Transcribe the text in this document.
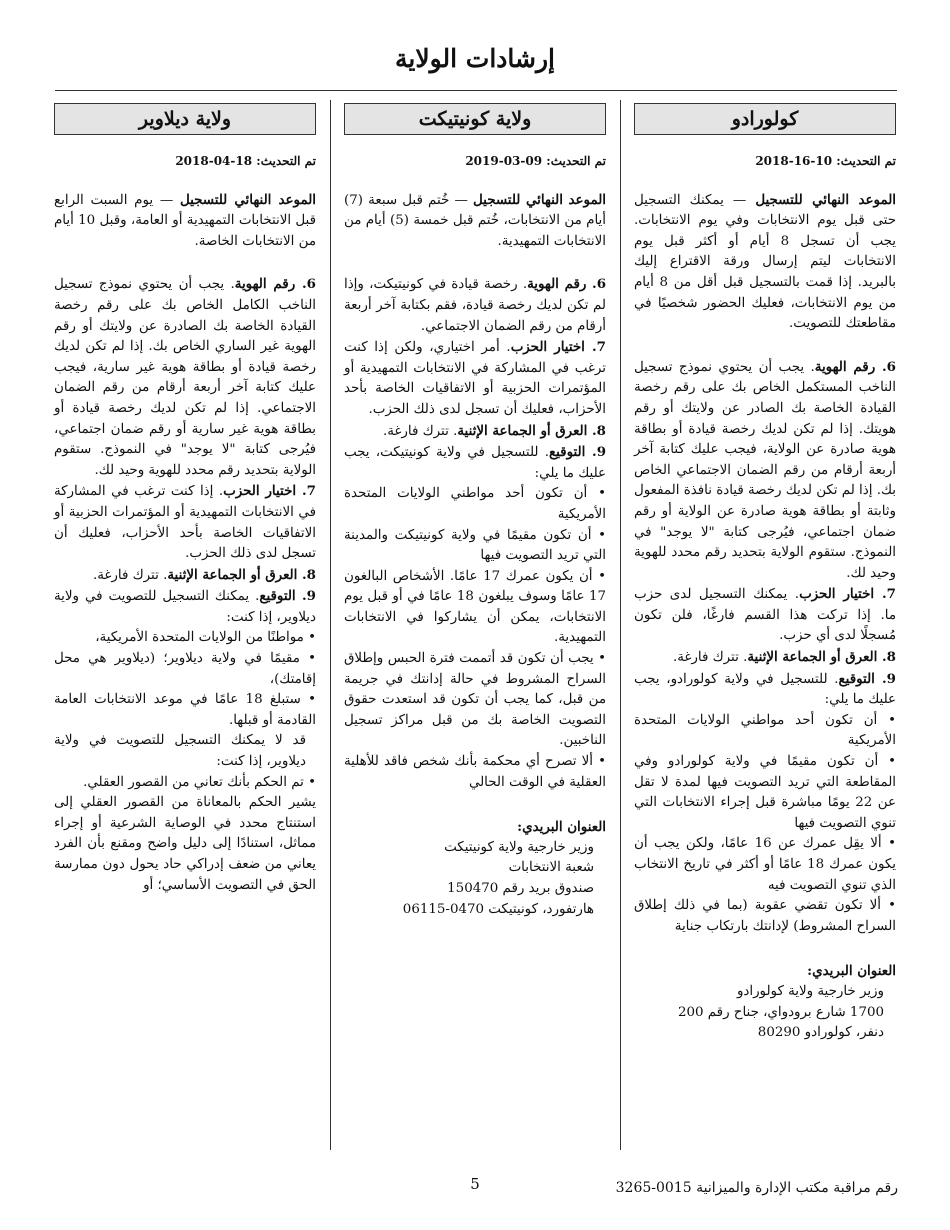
إرشادات الولاية
كولورادو
تم التحديث: 2018-16-10

الموعد النهائي للتسجيل — يمكنك التسجيل حتى قبل يوم الانتخابات وفي يوم الانتخابات. يجب أن تسجل 8 أيام أو أكثر قبل يوم الانتخابات ليتم إرسال ورقة الاقتراع إليك بالبريد. إذا قمت بالتسجيل قبل أقل من 8 أيام من يوم الانتخابات، فعليك الحضور شخصيًا في مقاطعتك للتصويت.

6. رقم الهوية. يجب أن يحتوي نموذج تسجيل الناخب المستكمل الخاص بك على رقم رخصة القيادة الخاصة بك الصادر عن ولايتك أو رقم هويتك. إذا لم تكن لديك رخصة قيادة أو بطاقة هوية صادرة عن الولاية، فيجب عليك كتابة آخر أربعة أرقام من رقم الضمان الاجتماعي الخاص بك. إذا لم تكن لديك رخصة قيادة نافذة المفعول وثابتة أو بطاقة هوية صادرة عن الولاية أو رقم ضمان اجتماعي، فيُرجى كتابة "لا يوجد" في النموذج. ستقوم الولاية بتحديد رقم محدد للهوية وحيد لك.

7. اختيار الحزب. يمكنك التسجيل لدى حزب ما. إذا تركت هذا القسم فارغًا، فلن تكون مُسجلًا لدى أي حزب.

8. العرق أو الجماعة الإثنية. تترك فارغة.

9. التوقيع. للتسجيل في ولاية كولورادو، يجب عليك ما يلي:

• أن تكون أحد مواطني الولايات المتحدة الأمريكية

• أن تكون مقيمًا في ولاية كولورادو وفي المقاطعة التي تريد التصويت فيها لمدة لا تقل عن 22 يومًا مباشرة قبل إجراء الانتخابات التي تنوي التصويت فيها

• ألا يقِل عمرك عن 16 عامًا، ولكن يجب أن يكون عمرك 18 عامًا أو أكثر في تاريخ الانتخاب الذي تنوي التصويت فيه

• ألا تكون تقضي عقوبة (بما في ذلك إطلاق السراح المشروط) لإدانتك بارتكاب جناية

العنوان البريدي:

وزير خارجية ولاية كولورادو

1700 شارع برودواي، جناح رقم 200

دنفر، كولورادو 80290

ولاية كونيتيكت
تم التحديث: 2019-03-09

الموعد النهائي للتسجيل — خُتم قبل سبعة (7) أيام من الانتخابات، خُتم قبل خمسة (5) أيام من الانتخابات التمهيدية.

6. رقم الهوية. رخصة قيادة في كونيتيكت، وإذا لم تكن لديك رخصة قيادة، فقم بكتابة آخر أربعة أرقام من رقم الضمان الاجتماعي.

7. اختيار الحزب. أمر اختياري، ولكن إذا كنت ترغب في المشاركة في الانتخابات التمهيدية أو المؤتمرات الحزبية أو الاتفاقيات الخاصة بأحد الأحزاب، فعليك أن تسجل لدى ذلك الحزب.

8. العرق أو الجماعة الإثنية. تترك فارغة.

9. التوقيع. للتسجيل في ولاية كونيتيكت، يجب عليك ما يلي:

• أن تكون أحد مواطني الولايات المتحدة الأمريكية

• أن تكون مقيمًا في ولاية كونيتيكت والمدينة التي تريد التصويت فيها

• أن يكون عمرك 17 عامًا. الأشخاص البالغون 17 عامًا وسوف يبلغون 18 عامًا في أو قبل يوم الانتخابات، يمكن أن يشاركوا في الانتخابات التمهيدية.

• يجب أن تكون قد أتممت فترة الحبس وإطلاق السراح المشروط في حالة إدانتك في جريمة من قبل، كما يجب أن تكون قد استعدت حقوق التصويت الخاصة بك من قبل مراكز تسجيل الناخبين.

• ألا تصرح أي محكمة بأنك شخص فاقد للأهلية العقلية في الوقت الحالي

العنوان البريدي:

وزير خارجية ولاية كونيتيكت

شعبة الانتخابات

صندوق بريد رقم 150470

هارتفورد، كونيتيكت 0470-06115

ولاية ديلاوير
تم التحديث: 2018-04-18

الموعد النهائي للتسجيل — يوم السبت الرابع قبل الانتخابات التمهيدية أو العامة، وقبل 10 أيام من الانتخابات الخاصة.

6. رقم الهوية. يجب أن يحتوي نموذج تسجيل الناخب الكامل الخاص بك على رقم رخصة القيادة الخاصة بك الصادرة عن ولايتك أو رقم الهوية غير الساري الخاص بك. إذا لم تكن لديك رخصة قيادة أو بطاقة هوية غير سارية، فيجب عليك كتابة آخر أربعة أرقام من رقم الضمان الاجتماعي. إذا لم تكن لديك رخصة قيادة أو بطاقة هوية غير سارية أو رقم ضمان اجتماعي، فيُرجى كتابة "لا يوجد" في النموذج. ستقوم الولاية بتحديد رقم محدد للهوية وحيد لك.

7. اختيار الحزب. إذا كنت ترغب في المشاركة في الانتخابات التمهيدية أو المؤتمرات الحزبية أو الاتفاقيات الخاصة بأحد الأحزاب، فعليك أن تسجل لدى ذلك الحزب.

8. العرق أو الجماعة الإثنية. تترك فارغة.

9. التوقيع. يمكنك التسجيل للتصويت في ولاية ديلاوير، إذا كنت:

• مواطنًا من الولايات المتحدة الأمريكية،

• مقيمًا في ولاية ديلاوير؛ (ديلاوير هي محل إقامتك)،

• ستبلغ 18 عامًا في موعد الانتخابات العامة القادمة أو قبلها.

قد لا يمكنك التسجيل للتصويت في ولاية ديلاوير، إذا كنت:

• تم الحكم بأنك تعاني من القصور العقلي.

يشير الحكم بالمعاناة من القصور العقلي إلى استنتاج محدد في الوصاية الشرعية أو إجراء مماثل، استنادًا إلى دليل واضح ومقنع بأن الفرد يعاني من ضعف إدراكي حاد يحول دون ممارسة الحق في التصويت الأساسي؛ أو

5	رقم مراقبة مكتب الإدارة والميزانية 0015-3265
